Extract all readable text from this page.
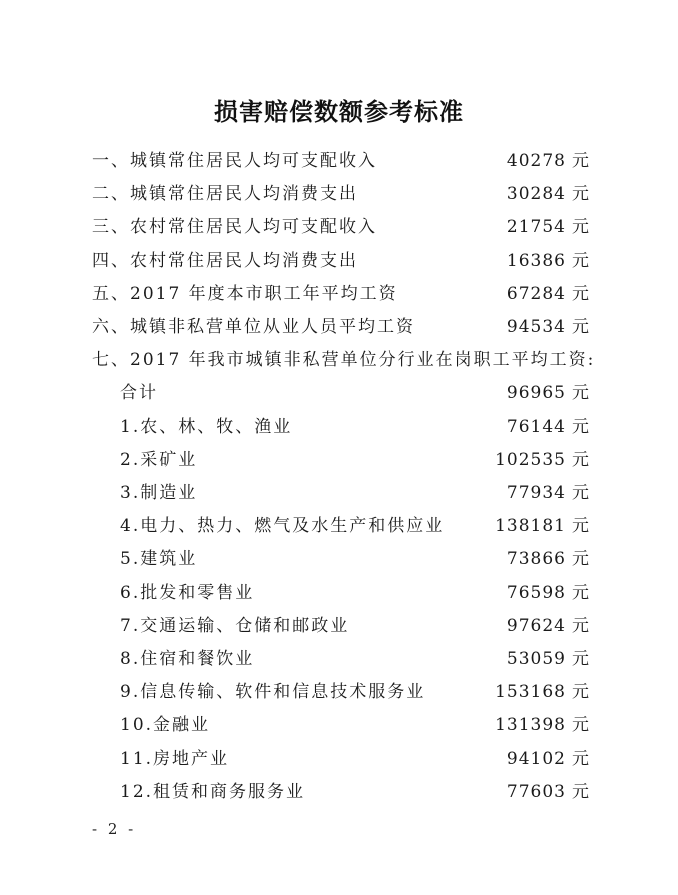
损害赔偿数额参考标准
一、城镇常住居民人均可支配收入	40278 元
二、城镇常住居民人均消费支出	30284 元
三、农村常住居民人均可支配收入	21754 元
四、农村常住居民人均消费支出	16386 元
五、2017 年度本市职工年平均工资	67284 元
六、城镇非私营单位从业人员平均工资	94534 元
七、2017 年我市城镇非私营单位分行业在岗职工平均工资:
合计	96965 元
1.农、林、牧、渔业	76144 元
2.采矿业	102535 元
3.制造业	77934 元
4.电力、热力、燃气及水生产和供应业	138181 元
5.建筑业	73866 元
6.批发和零售业	76598 元
7.交通运输、仓储和邮政业	97624 元
8.住宿和餐饮业	53059 元
9.信息传输、软件和信息技术服务业	153168 元
10.金融业	131398 元
11.房地产业	94102 元
12.租赁和商务服务业	77603 元
- 2 -
